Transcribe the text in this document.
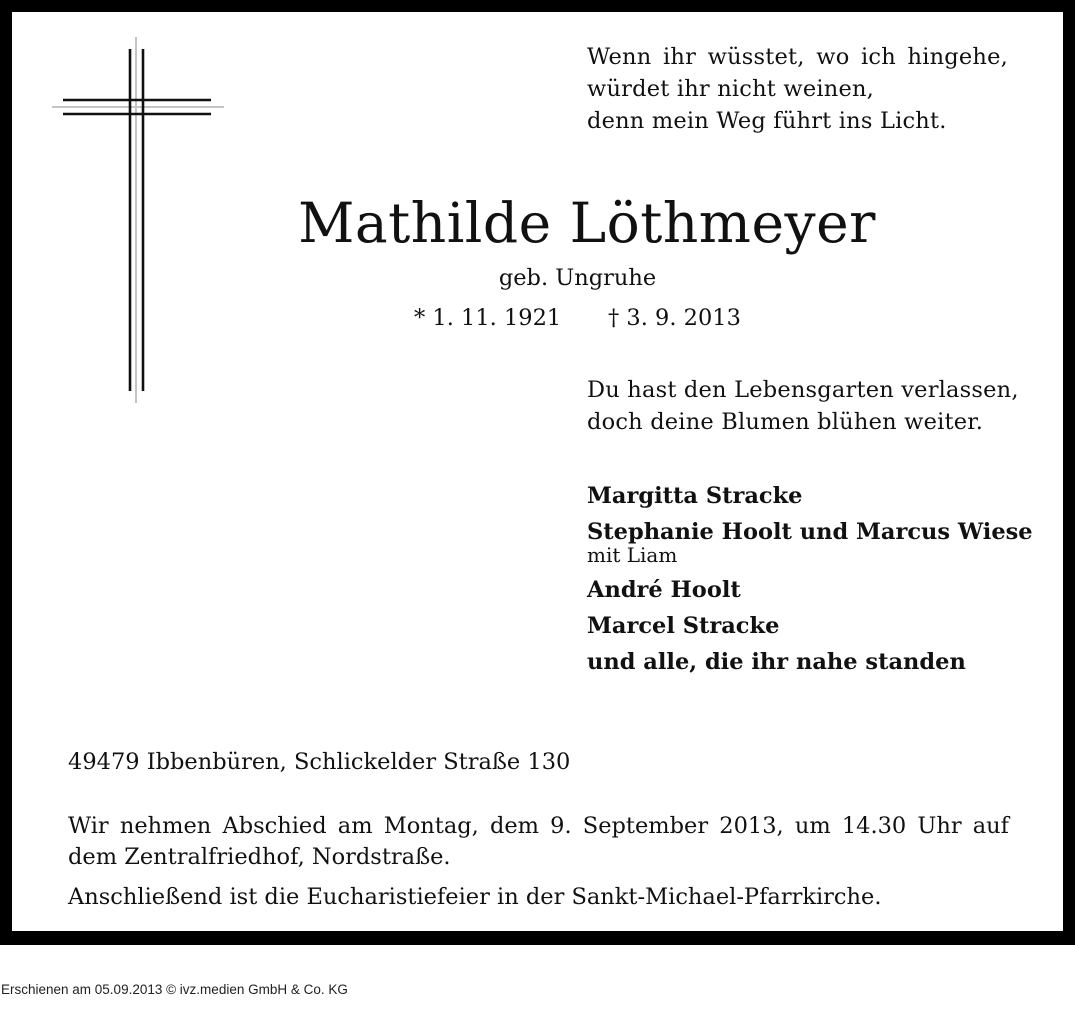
Wenn ihr wüsstet, wo ich hingehe,
würdet ihr nicht weinen,
denn mein Weg führt ins Licht.
Mathilde Löthmeyer
geb. Ungruhe
* 1. 11. 1921 † 3. 9. 2013
Du hast den Lebensgarten verlassen,
doch deine Blumen blühen weiter.
Margitta Stracke
Stephanie Hoolt und Marcus Wiese
mit Liam
André Hoolt
Marcel Stracke
und alle, die ihr nahe standen
49479 Ibbenbüren, Schlickelder Straße 130
Wir nehmen Abschied am Montag, dem 9. September 2013, um 14.30 Uhr auf dem Zentralfriedhof, Nordstraße.
Anschließend ist die Eucharistiefeier in der Sankt-Michael-Pfarrkirche.
Erschienen am 05.09.2013 © ivz.medien GmbH & Co. KG
